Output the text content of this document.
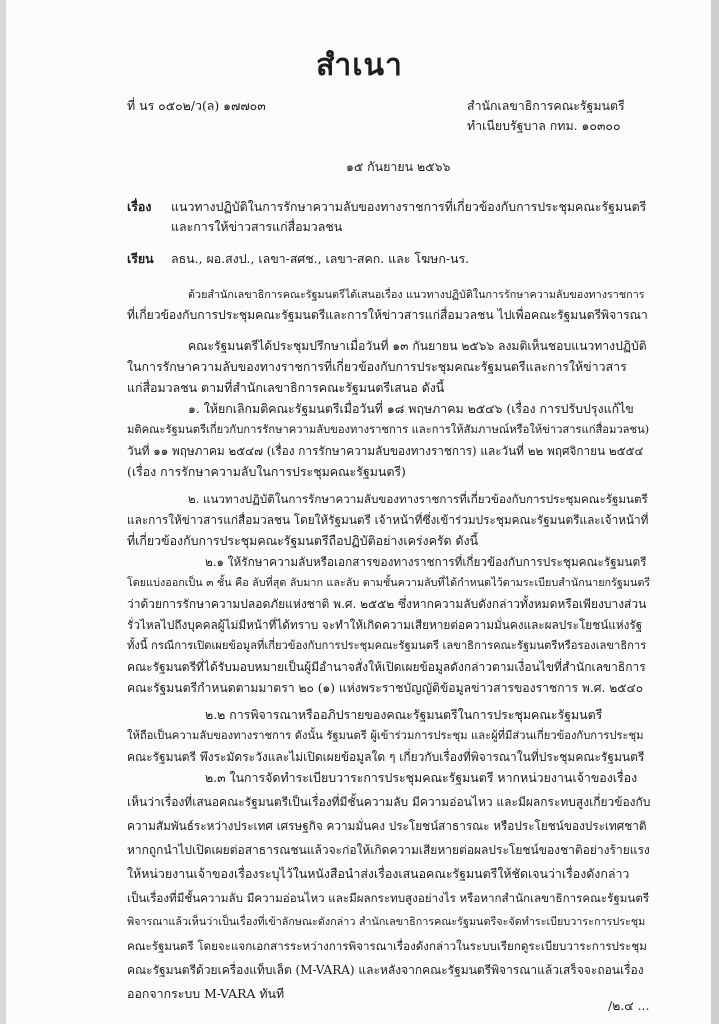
สำเนา
ที่ นร ๐๕๐๒/ว(ล) ๑๗๗๐๓	สำนักเลขาธิการคณะรัฐมนตรี
ทำเนียบรัฐบาล กทม. ๑๐๓๐๐
๑๕ กันยายน ๒๕๖๖
เรื่อง แนวทางปฏิบัติในการรักษาความลับของทางราชการที่เกี่ยวข้องกับการประชุมคณะรัฐมนตรี
และการให้ข่าวสารแก่สื่อมวลชน
เรียน ลธน., ผอ.สงป., เลขา-สศช., เลขา-สคก. และ โฆษก-นร.
ด้วยสำนักเลขาธิการคณะรัฐมนตรีได้เสนอเรื่อง แนวทางปฏิบัติในการรักษาความลับของทางราชการ
ที่เกี่ยวข้องกับการประชุมคณะรัฐมนตรีและการให้ข่าวสารแก่สื่อมวลชน ไปเพื่อคณะรัฐมนตรีพิจารณา
คณะรัฐมนตรีได้ประชุมปรึกษาเมื่อวันที่ ๑๓ กันยายน ๒๕๖๖ ลงมติเห็นชอบแนวทางปฏิบัติ
ในการรักษาความลับของทางราชการที่เกี่ยวข้องกับการประชุมคณะรัฐมนตรีและการให้ข่าวสาร
แก่สื่อมวลชน ตามที่สำนักเลขาธิการคณะรัฐมนตรีเสนอ ดังนี้
๑. ให้ยกเลิกมติคณะรัฐมนตรีเมื่อวันที่ ๑๘ พฤษภาคม ๒๕๔๖ (เรื่อง การปรับปรุงแก้ไข
มติคณะรัฐมนตรีเกี่ยวกับการรักษาความลับของทางราชการ และการให้สัมภาษณ์หรือให้ข่าวสารแก่สื่อมวลชน)
วันที่ ๑๑ พฤษภาคม ๒๕๔๗ (เรื่อง การรักษาความลับของทางราชการ) และวันที่ ๒๒ พฤศจิกายน ๒๕๕๔
(เรื่อง การรักษาความลับในการประชุมคณะรัฐมนตรี)
๒. แนวทางปฏิบัติในการรักษาความลับของทางราชการที่เกี่ยวข้องกับการประชุมคณะรัฐมนตรี
และการให้ข่าวสารแก่สื่อมวลชน โดยให้รัฐมนตรี เจ้าหน้าที่ซึ่งเข้าร่วมประชุมคณะรัฐมนตรีและเจ้าหน้าที่
ที่เกี่ยวข้องกับการประชุมคณะรัฐมนตรีถือปฏิบัติอย่างเคร่งครัด ดังนี้
๒.๑ ให้รักษาความลับหรือเอกสารของทางราชการที่เกี่ยวข้องกับการประชุมคณะรัฐมนตรี
โดยแบ่งออกเป็น ๓ ชั้น คือ ลับที่สุด ลับมาก และลับ ตามชั้นความลับที่ได้กำหนดไว้ตามระเบียบสำนักนายกรัฐมนตรี
ว่าด้วยการรักษาความปลอดภัยแห่งชาติ พ.ศ. ๒๕๕๒ ซึ่งหากความลับดังกล่าวทั้งหมดหรือเพียงบางส่วน
รั่วไหลไปถึงบุคคลผู้ไม่มีหน้าที่ได้ทราบ จะทำให้เกิดความเสียหายต่อความมั่นคงและผลประโยชน์แห่งรัฐ
ทั้งนี้ กรณีการเปิดเผยข้อมูลที่เกี่ยวข้องกับการประชุมคณะรัฐมนตรี เลขาธิการคณะรัฐมนตรีหรือรองเลขาธิการ
คณะรัฐมนตรีที่ได้รับมอบหมายเป็นผู้มีอำนาจสั่งให้เปิดเผยข้อมูลดังกล่าวตามเงื่อนไขที่สำนักเลขาธิการ
คณะรัฐมนตรีกำหนดตามมาตรา ๒๐ (๑) แห่งพระราชบัญญัติข้อมูลข่าวสารของราชการ พ.ศ. ๒๕๔๐
๒.๒ การพิจารณาหรืออภิปรายของคณะรัฐมนตรีในการประชุมคณะรัฐมนตรี
ให้ถือเป็นความลับของทางราชการ ดังนั้น รัฐมนตรี ผู้เข้าร่วมการประชุม และผู้ที่มีส่วนเกี่ยวข้องกับการประชุม
คณะรัฐมนตรี พึงระมัดระวังและไม่เปิดเผยข้อมูลใด ๆ เกี่ยวกับเรื่องที่พิจารณาในที่ประชุมคณะรัฐมนตรี
๒.๓ ในการจัดทำระเบียบวาระการประชุมคณะรัฐมนตรี หากหน่วยงานเจ้าของเรื่อง
เห็นว่าเรื่องที่เสนอคณะรัฐมนตรีเป็นเรื่องที่มีชั้นความลับ มีความอ่อนไหว และมีผลกระทบสูงเกี่ยวข้องกับ
ความสัมพันธ์ระหว่างประเทศ เศรษฐกิจ ความมั่นคง ประโยชน์สาธารณะ หรือประโยชน์ของประเทศชาติ
หากถูกนำไปเปิดเผยต่อสาธารณชนแล้วจะก่อให้เกิดความเสียหายต่อผลประโยชน์ของชาติอย่างร้ายแรง
ให้หน่วยงานเจ้าของเรื่องระบุไว้ในหนังสือนำส่งเรื่องเสนอคณะรัฐมนตรีให้ชัดเจนว่าเรื่องดังกล่าว
เป็นเรื่องที่มีชั้นความลับ มีความอ่อนไหว และมีผลกระทบสูงอย่างไร หรือหากสำนักเลขาธิการคณะรัฐมนตรี
พิจารณาแล้วเห็นว่าเป็นเรื่องที่เข้าลักษณะดังกล่าว สำนักเลขาธิการคณะรัฐมนตรีจะจัดทำระเบียบวาระการประชุม
คณะรัฐมนตรี โดยจะแจกเอกสารระหว่างการพิจารณาเรื่องดังกล่าวในระบบเรียกดูระเบียบวาระการประชุม
คณะรัฐมนตรีด้วยเครื่องแท็บเล็ต (M-VARA) และหลังจากคณะรัฐมนตรีพิจารณาแล้วเสร็จจะถอนเรื่อง
ออกจากระบบ M-VARA ทันที
/๒.๔ ...
